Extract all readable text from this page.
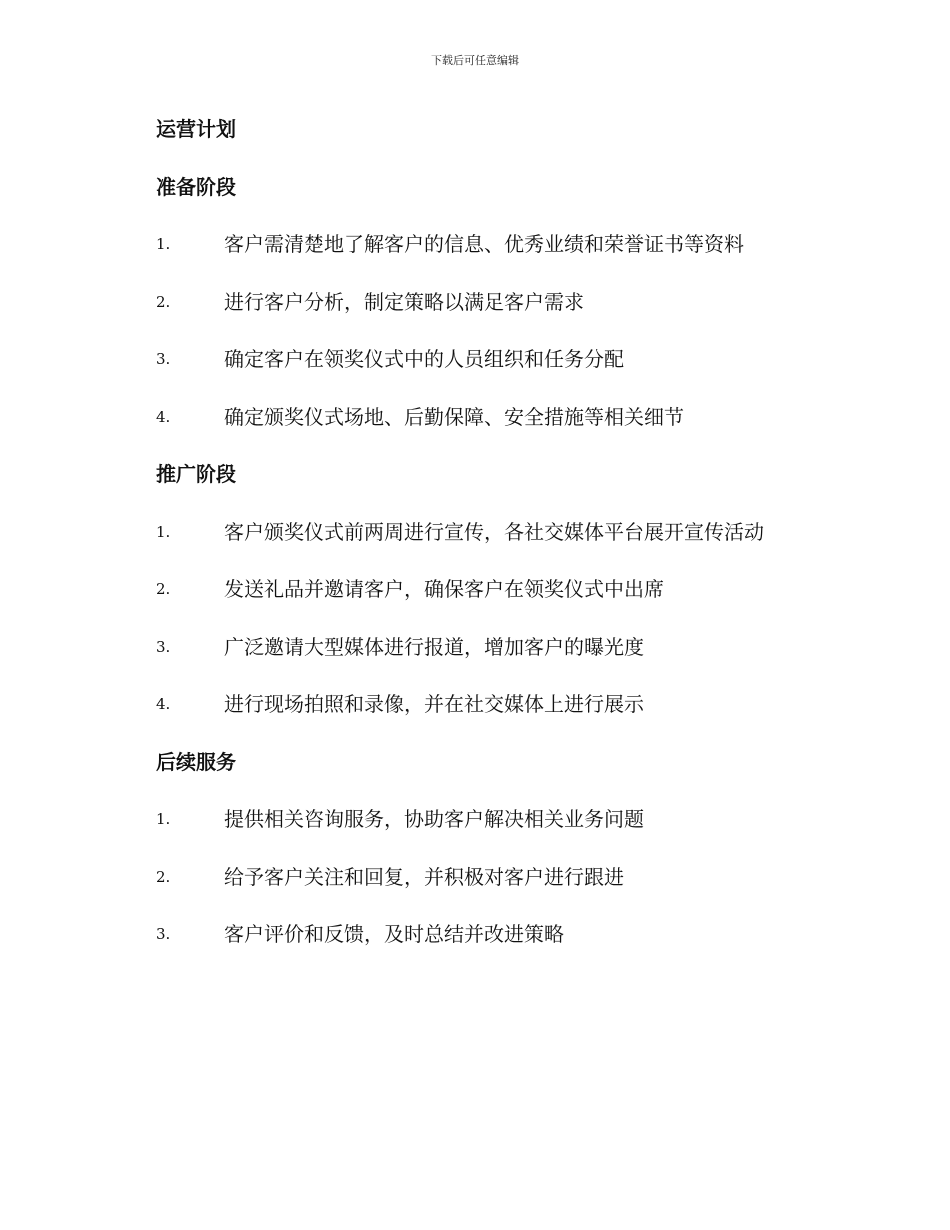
下载后可任意编辑
运营计划
准备阶段
1.	客户需清楚地了解客户的信息、优秀业绩和荣誉证书等资料
2.	进行客户分析，制定策略以满足客户需求
3.	确定客户在领奖仪式中的人员组织和任务分配
4.	确定颁奖仪式场地、后勤保障、安全措施等相关细节
推广阶段
1.	客户颁奖仪式前两周进行宣传，各社交媒体平台展开宣传活动
2.	发送礼品并邀请客户，确保客户在领奖仪式中出席
3.	广泛邀请大型媒体进行报道，增加客户的曝光度
4.	进行现场拍照和录像，并在社交媒体上进行展示
后续服务
1.	提供相关咨询服务，协助客户解决相关业务问题
2.	给予客户关注和回复，并积极对客户进行跟进
3.	客户评价和反馈，及时总结并改进策略
